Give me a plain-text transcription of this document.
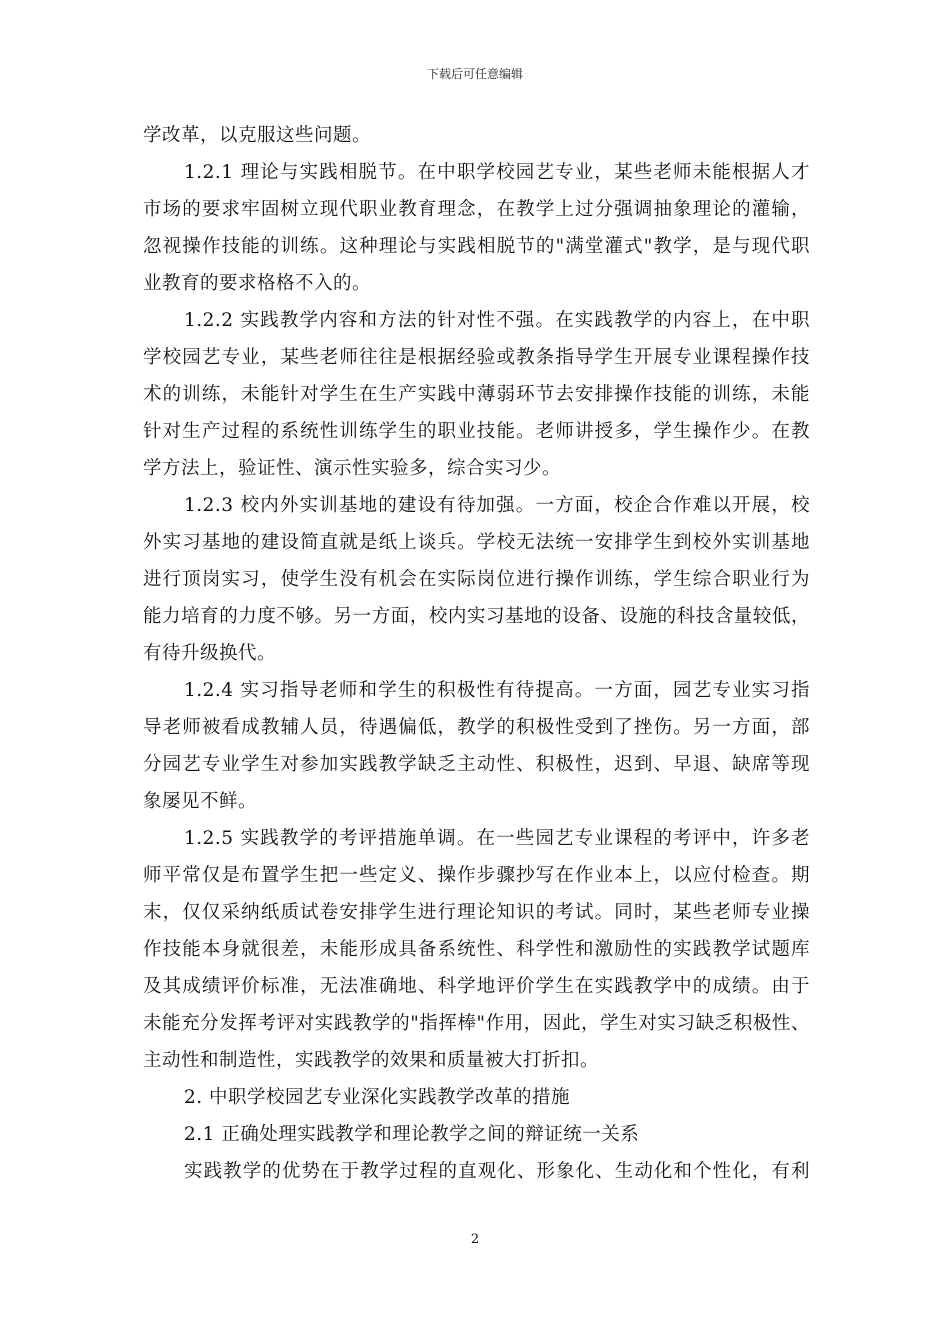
下载后可任意编辑
学改革，以克服这些问题。
1.2.1 理论与实践相脱节。在中职学校园艺专业，某些老师未能根据人才
市场的要求牢固树立现代职业教育理念，在教学上过分强调抽象理论的灌输，
忽视操作技能的训练。这种理论与实践相脱节的"满堂灌式"教学，是与现代职
业教育的要求格格不入的。
1.2.2 实践教学内容和方法的针对性不强。在实践教学的内容上，在中职
学校园艺专业，某些老师往往是根据经验或教条指导学生开展专业课程操作技
术的训练，未能针对学生在生产实践中薄弱环节去安排操作技能的训练，未能
针对生产过程的系统性训练学生的职业技能。老师讲授多，学生操作少。在教
学方法上，验证性、演示性实验多，综合实习少。
1.2.3 校内外实训基地的建设有待加强。一方面，校企合作难以开展，校
外实习基地的建设简直就是纸上谈兵。学校无法统一安排学生到校外实训基地
进行顶岗实习，使学生没有机会在实际岗位进行操作训练，学生综合职业行为
能力培育的力度不够。另一方面，校内实习基地的设备、设施的科技含量较低，
有待升级换代。
1.2.4 实习指导老师和学生的积极性有待提高。一方面，园艺专业实习指
导老师被看成教辅人员，待遇偏低，教学的积极性受到了挫伤。另一方面，部
分园艺专业学生对参加实践教学缺乏主动性、积极性，迟到、早退、缺席等现
象屡见不鲜。
1.2.5 实践教学的考评措施单调。在一些园艺专业课程的考评中，许多老
师平常仅是布置学生把一些定义、操作步骤抄写在作业本上，以应付检查。期
末，仅仅采纳纸质试卷安排学生进行理论知识的考试。同时，某些老师专业操
作技能本身就很差，未能形成具备系统性、科学性和激励性的实践教学试题库
及其成绩评价标准，无法准确地、科学地评价学生在实践教学中的成绩。由于
未能充分发挥考评对实践教学的"指挥棒"作用，因此，学生对实习缺乏积极性、
主动性和制造性，实践教学的效果和质量被大打折扣。
2. 中职学校园艺专业深化实践教学改革的措施
2.1 正确处理实践教学和理论教学之间的辩证统一关系
实践教学的优势在于教学过程的直观化、形象化、生动化和个性化，有利
2
